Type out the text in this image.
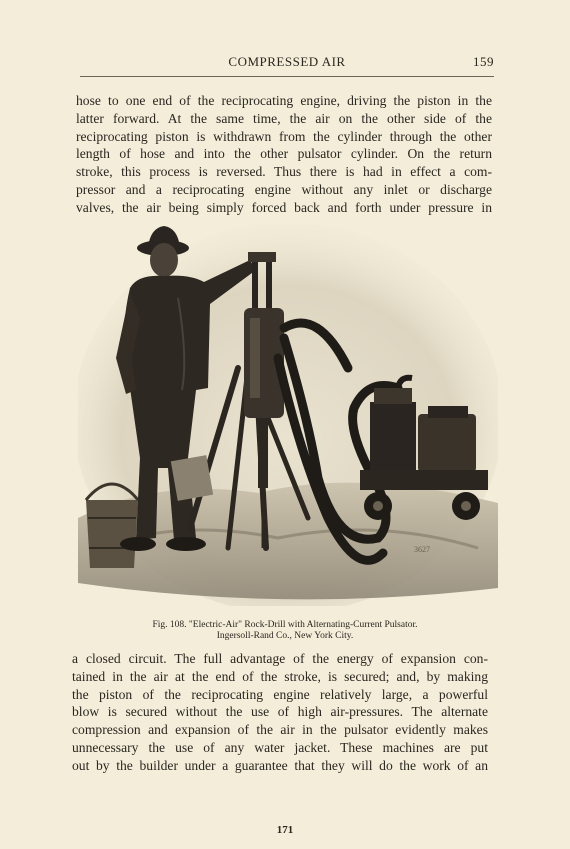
COMPRESSED AIR	159
hose to one end of the reciprocating engine, driving the piston in the
latter forward. At the same time, the air on the other side of the
reciprocating piston is withdrawn from the cylinder through the other
length of hose and into the other pulsator cylinder. On the return
stroke, this process is reversed. Thus there is had in effect a com-
pressor and a reciprocating engine without any inlet or discharge
valves, the air being simply forced back and forth under pressure in
3627
Fig. 108. "Electric-Air" Rock-Drill with Alternating-Current Pulsator.
Ingersoll-Rand Co., New York City.
a closed circuit. The full advantage of the energy of expansion con-
tained in the air at the end of the stroke, is secured; and, by making
the piston of the reciprocating engine relatively large, a powerful
blow is secured without the use of high air-pressures. The alternate
compression and expansion of the air in the pulsator evidently makes
unnecessary the use of any water jacket. These machines are put
out by the builder under a guarantee that they will do the work of an
171
